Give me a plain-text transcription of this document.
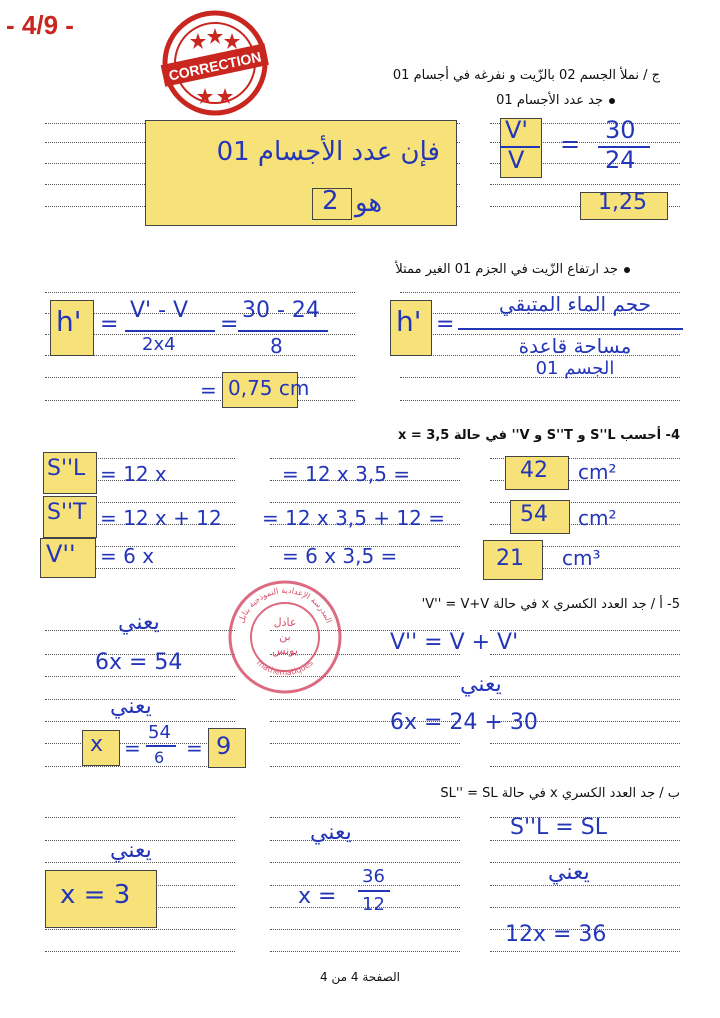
- 4/9 -
CORRECTION	ج / نملأ الجسم 02 بالزّيت و نفرغه في أجسام 01
جد عدد الأجسام 01
فإن عدد الأجسام 01
هو
2
V'
V
= 30
24
1,25
جد ارتفاع الزّيت في الجزم 01 الغير ممتلأ
h' =
V' - V
2x4
=
30 - 24
8
= 0,75 cm
h' =
حجم الماء المتبقي
مساحة قاعدة
الجسم 01
4- أحسب S''L و S''T و V'' في حالة x = 3,5
S''L = 12 x	= 12 x 3,5 =	42 cm²
S''T = 12 x + 12 = 12 x 3,5 + 12 =	54 cm²
V'' = 6 x	= 6 x 3,5 =	21 cm³
5- أ / جد العدد الكسري x في حالة V'' = V+V'
يعني
6x = 54
يعني
x =
54
6 = 9
المدرسة الإعدادية النموذجية بنابل
mathematiques
عادل
بن
يونس	V'' = V + V'
يعني
6x = 24 + 30
ب / جد العدد الكسري x في حالة SL'' = SL
يعني
x = 3
يعني
x =
36
12
S''L = SL
يعني
12x = 36
الصفحة 4 من 4
